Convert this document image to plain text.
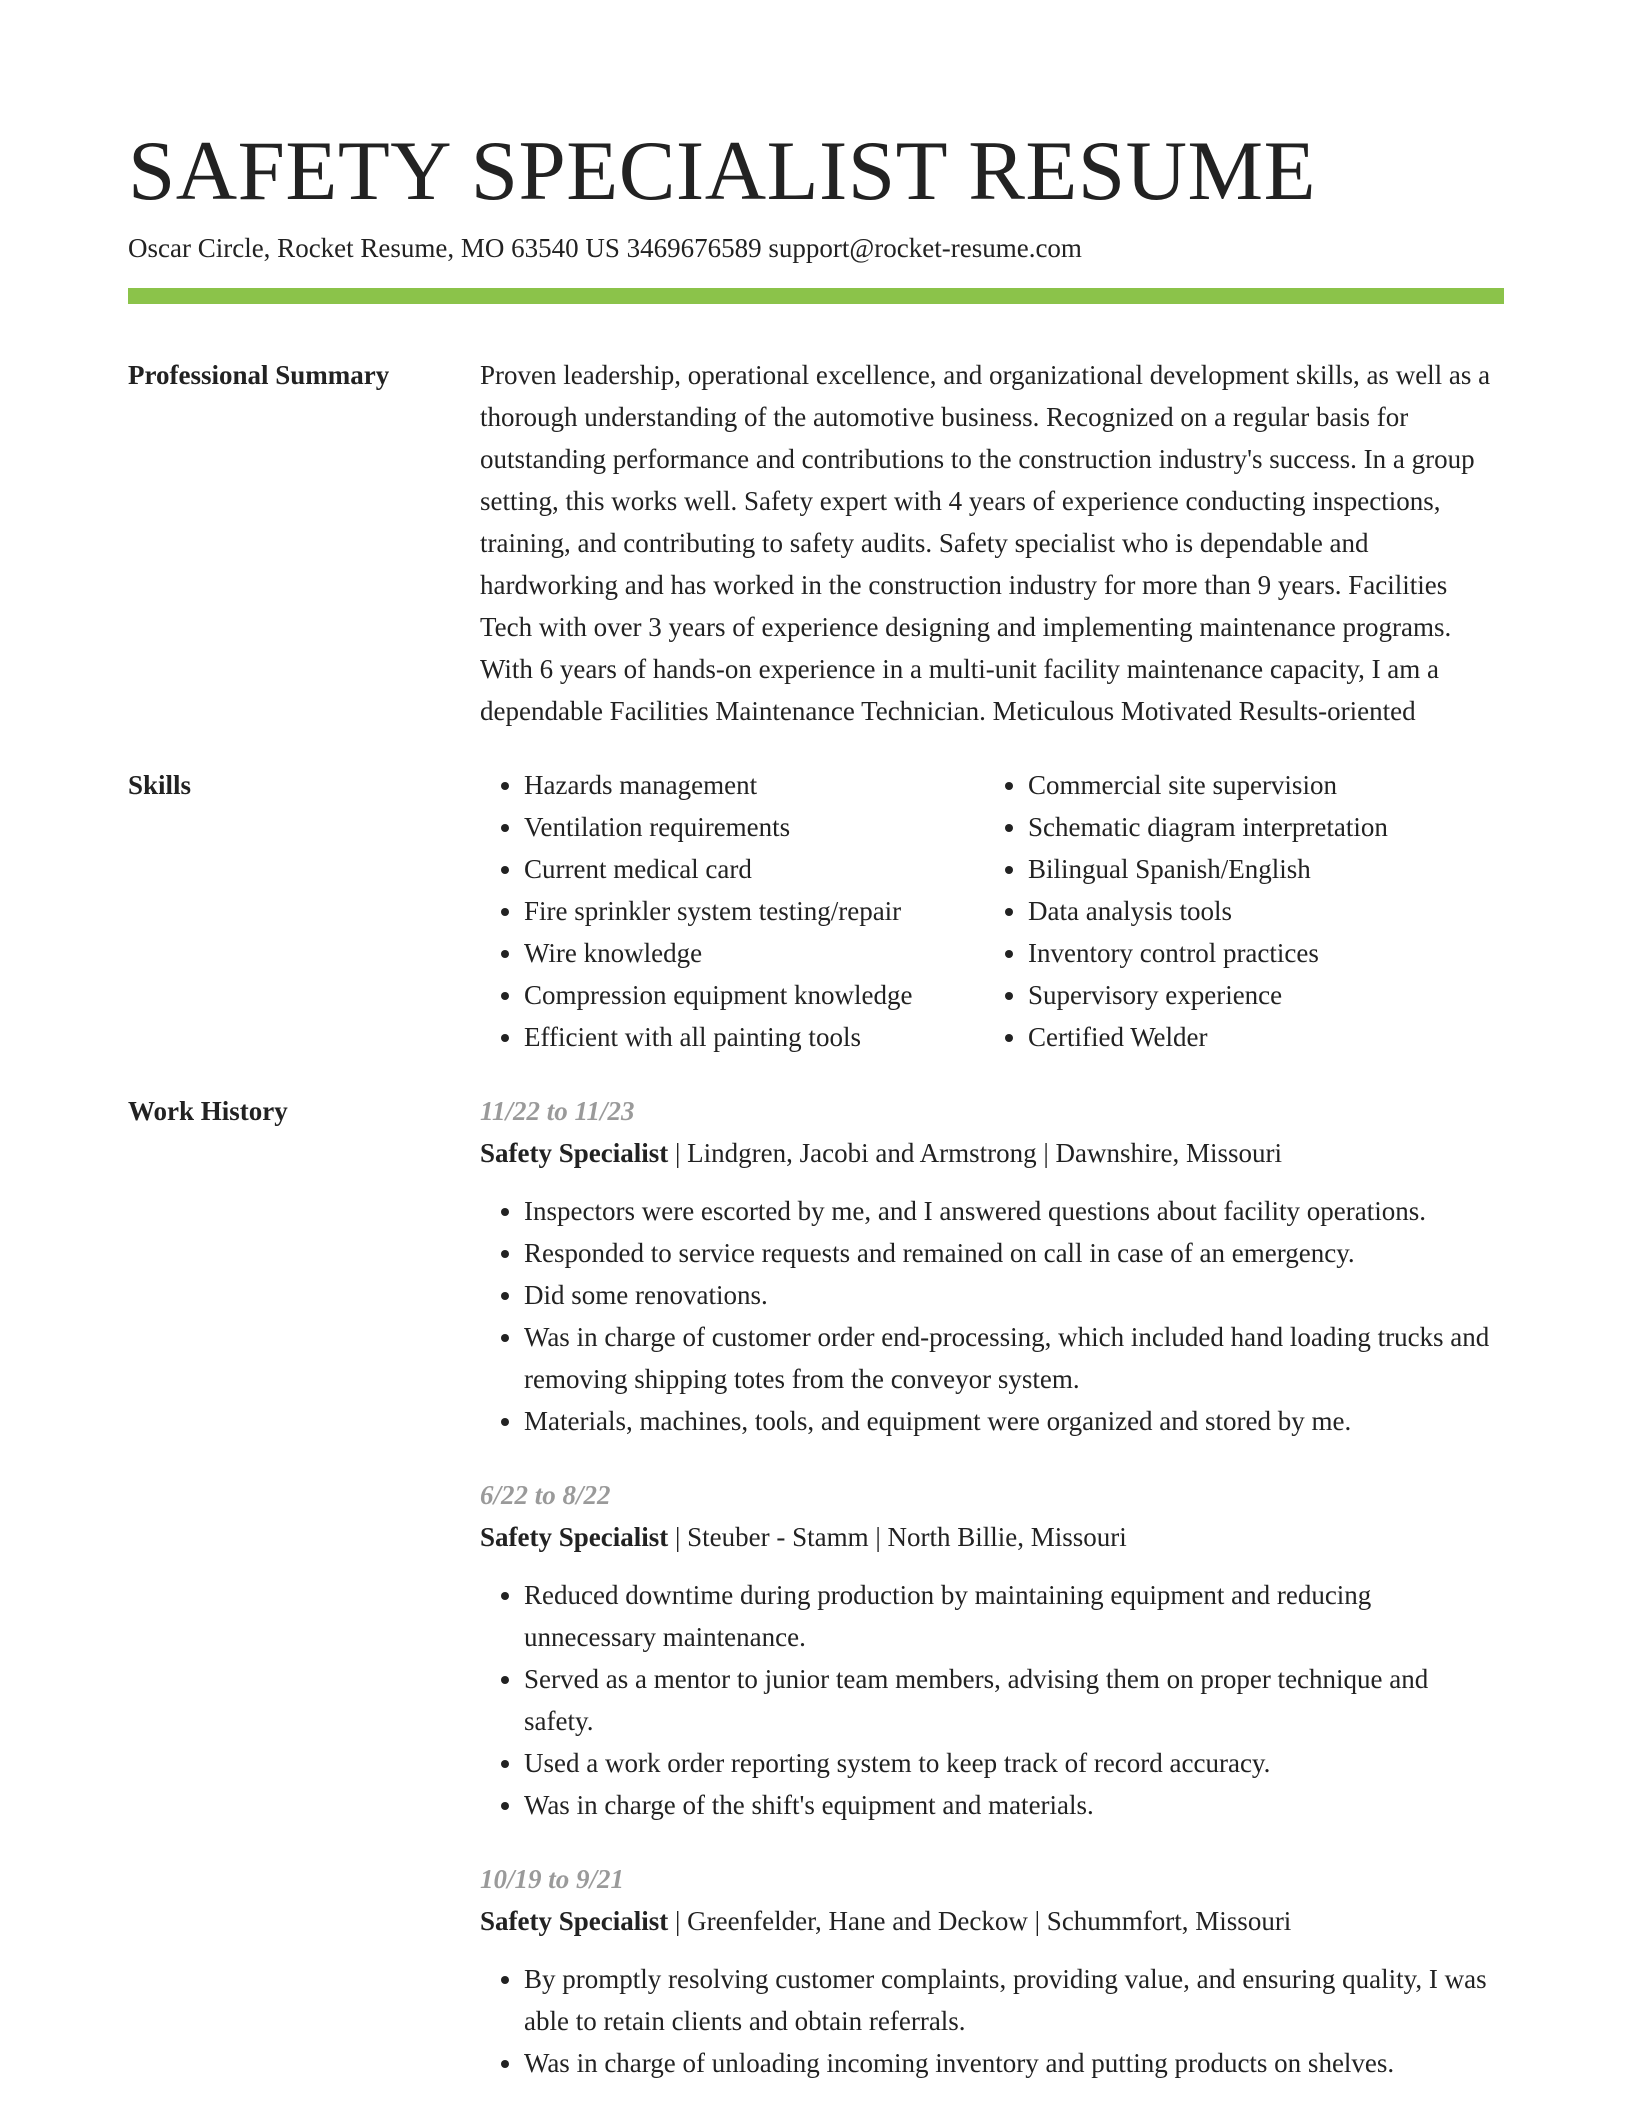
SAFETY SPECIALIST RESUME
Oscar Circle, Rocket Resume, MO 63540 US 3469676589 support@rocket-resume.com
Professional Summary	Proven leadership, operational excellence, and organizational development skills, as well as a thorough understanding of the automotive business. Recognized on a regular basis for outstanding performance and contributions to the construction industry's success. In a group setting, this works well. Safety expert with 4 years of experience conducting inspections, training, and contributing to safety audits. Safety specialist who is dependable and hardworking and has worked in the construction industry for more than 9 years. Facilities Tech with over 3 years of experience designing and implementing maintenance programs. With 6 years of hands-on experience in a multi-unit facility maintenance capacity, I am a dependable Facilities Maintenance Technician. Meticulous Motivated Results-oriented

Skills
•	Hazards management
• Ventilation requirements
• Current medical card
• Fire sprinkler system testing/repair
• Wire knowledge
• Compression equipment knowledge
• Efficient with all painting tools
• Commercial site supervision
• Schematic diagram interpretation
• Bilingual Spanish/English
• Data analysis tools
• Inventory control practices
• Supervisory experience
• Certified Welder
Work History	11/22 to 11/23
Safety Specialist | Lindgren, Jacobi and Armstrong | Dawnshire, Missouri
• Inspectors were escorted by me, and I answered questions about facility operations.
• Responded to service requests and remained on call in case of an emergency.
• Did some renovations.
• Was in charge of customer order end-processing, which included hand loading trucks and removing shipping totes from the conveyor system.
• Materials, machines, tools, and equipment were organized and stored by me.
6/22 to 8/22
Safety Specialist | Steuber - Stamm | North Billie, Missouri
• Reduced downtime during production by maintaining equipment and reducing unnecessary maintenance.
• Served as a mentor to junior team members, advising them on proper technique and safety.
• Used a work order reporting system to keep track of record accuracy.
• Was in charge of the shift's equipment and materials.
10/19 to 9/21
Safety Specialist | Greenfelder, Hane and Deckow | Schummfort, Missouri
• By promptly resolving customer complaints, providing value, and ensuring quality, I was able to retain clients and obtain referrals.
• Was in charge of unloading incoming inventory and putting products on shelves.
